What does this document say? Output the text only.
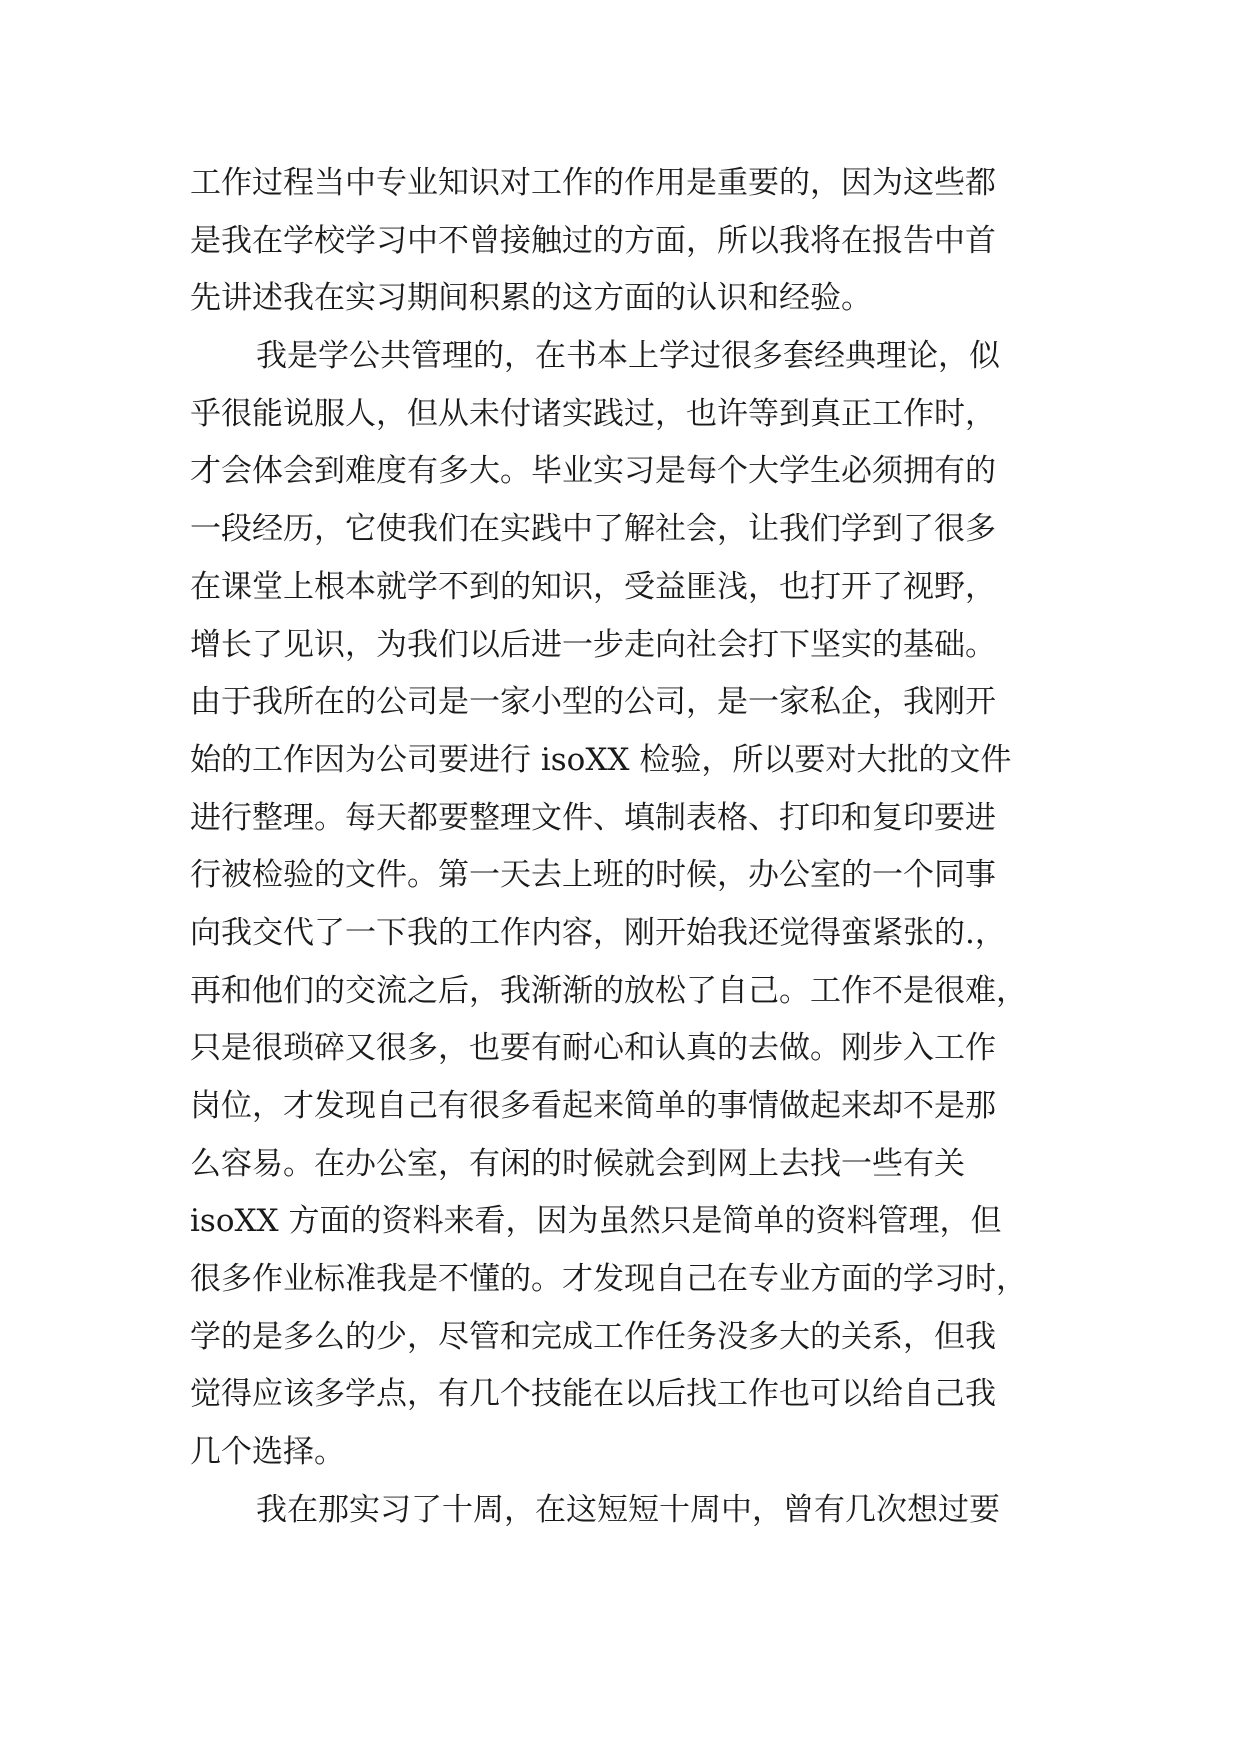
工作过程当中专业知识对工作的作用是重要的，因为这些都
是我在学校学习中不曾接触过的方面，所以我将在报告中首
先讲述我在实习期间积累的这方面的认识和经验。
我是学公共管理的，在书本上学过很多套经典理论，似
乎很能说服人，但从未付诸实践过，也许等到真正工作时，
才会体会到难度有多大。毕业实习是每个大学生必须拥有的
一段经历，它使我们在实践中了解社会，让我们学到了很多
在课堂上根本就学不到的知识，受益匪浅，也打开了视野，
增长了见识，为我们以后进一步走向社会打下坚实的基础。
由于我所在的公司是一家小型的公司，是一家私企，我刚开
始的工作因为公司要进行 isoXX 检验，所以要对大批的文件
进行整理。每天都要整理文件、填制表格、打印和复印要进
行被检验的文件。第一天去上班的时候，办公室的一个同事
向我交代了一下我的工作内容，刚开始我还觉得蛮紧张的.，
再和他们的交流之后，我渐渐的放松了自己。工作不是很难，
只是很琐碎又很多，也要有耐心和认真的去做。刚步入工作
岗位，才发现自己有很多看起来简单的事情做起来却不是那
么容易。在办公室，有闲的时候就会到网上去找一些有关
isoXX 方面的资料来看，因为虽然只是简单的资料管理，但
很多作业标准我是不懂的。才发现自己在专业方面的学习时，
学的是多么的少，尽管和完成工作任务没多大的关系，但我
觉得应该多学点，有几个技能在以后找工作也可以给自己我
几个选择。
我在那实习了十周，在这短短十周中，曾有几次想过要
